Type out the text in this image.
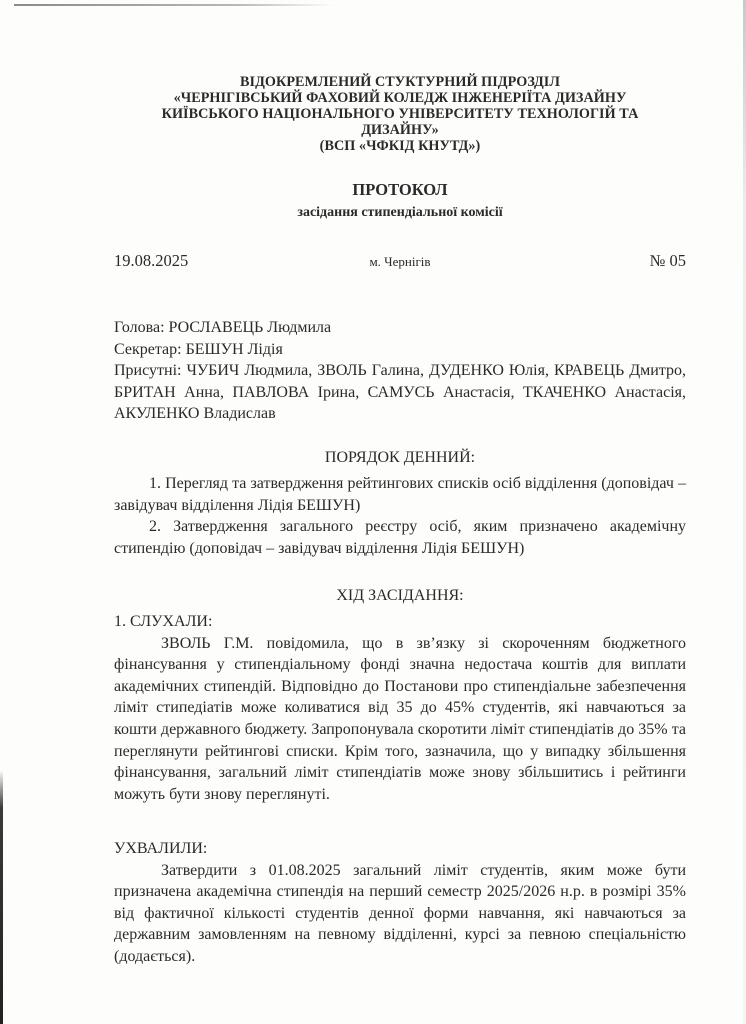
ВІДОКРЕМЛЕНИЙ СТУКТУРНИЙ ПІДРОЗДІЛ
«ЧЕРНІГІВСЬКИЙ ФАХОВИЙ КОЛЕДЖ ІНЖЕНЕРІЇТА ДИЗАЙНУ
КИЇВСЬКОГО НАЦІОНАЛЬНОГО УНІВЕРСИТЕТУ ТЕХНОЛОГІЙ ТА
ДИЗАЙНУ»
(ВСП «ЧФКІД КНУТД»)
ПРОТОКОЛ
засідання стипендіальної комісії
19.08.2025	м. Чернігів	№ 05

Голова: РОСЛАВЕЦЬ Людмила

Секретар: БЕШУН Лідія

Присутні: ЧУБИЧ Людмила, ЗВОЛЬ Галина, ДУДЕНКО Юлія, КРАВЕЦЬ Дмитро, БРИТАН Анна, ПАВЛОВА Ірина, САМУСЬ Анастасія, ТКАЧЕНКО Анастасія, АКУЛЕНКО Владислав

ПОРЯДОК ДЕННИЙ:

1. Перегляд та затвердження рейтингових списків осіб відділення (доповідач – завідувач відділення Лідія БЕШУН)

2. Затвердження загального реєстру осіб, яким призначено академічну стипендію (доповідач – завідувач відділення Лідія БЕШУН)

ХІД ЗАСІДАННЯ:

1. СЛУХАЛИ:

ЗВОЛЬ Г.М. повідомила, що в зв’язку зі скороченням бюджетного фінансування у стипендіальному фонді значна недостача коштів для виплати академічних стипендій. Відповідно до Постанови про стипендіальне забезпечення ліміт стипедіатів може коливатися від 35 до 45% студентів, які навчаються за кошти державного бюджету. Запропонувала скоротити ліміт стипендіатів до 35% та переглянути рейтингові списки. Крім того, зазначила, що у випадку збільшення фінансування, загальний ліміт стипендіатів може знову збільшитись і рейтинги можуть бути знову переглянуті.

УХВАЛИЛИ:

Затвердити з 01.08.2025 загальний ліміт студентів, яким може бути призначена академічна стипендія на перший семестр 2025/2026 н.р. в розмірі 35% від фактичної кількості студентів денної форми навчання, які навчаються за державним замовленням на певному відділенні, курсі за певною спеціальністю (додається).
